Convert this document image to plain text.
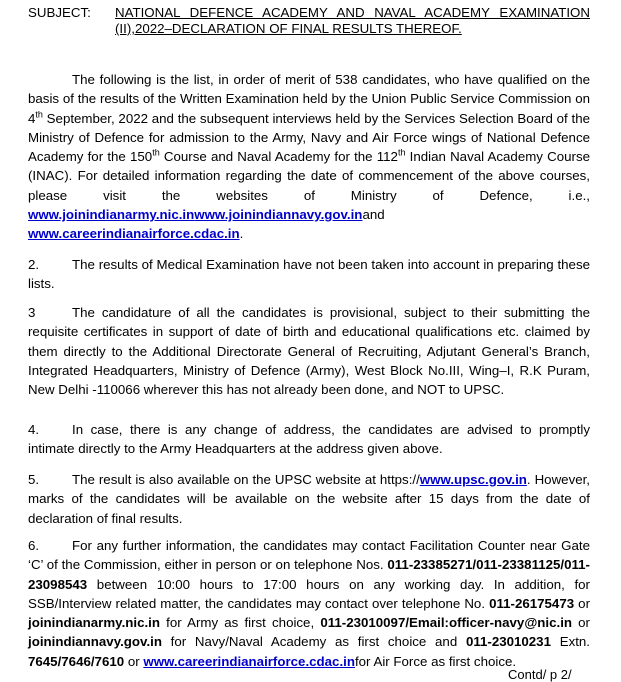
SUBJECT: NATIONAL DEFENCE ACADEMY AND NAVAL ACADEMY EXAMINATION (II),2022–DECLARATION OF FINAL RESULTS THEREOF.
The following is the list, in order of merit of 538 candidates, who have qualified on the basis of the results of the Written Examination held by the Union Public Service Commission on 4th September, 2022 and the subsequent interviews held by the Services Selection Board of the Ministry of Defence for admission to the Army, Navy and Air Force wings of National Defence Academy for the 150th Course and Naval Academy for the 112th Indian Naval Academy Course (INAC). For detailed information regarding the date of commencement of the above courses, please visit the websites of Ministry of Defence, i.e., www.joinindianarmy.nic.inwww.joinindiannavy.gov.inand www.careerindianairforce.cdac.in.
2. The results of Medical Examination have not been taken into account in preparing these lists.
3	The candidature of all the candidates is provisional, subject to their submitting the requisite certificates in support of date of birth and educational qualifications etc. claimed by them directly to the Additional Directorate General of Recruiting, Adjutant General’s Branch, Integrated Headquarters, Ministry of Defence (Army), West Block No.III, Wing–I, R.K Puram, New Delhi -110066 wherever this has not already been done, and NOT to UPSC.
4. In case, there is any change of address, the candidates are advised to promptly intimate directly to the Army Headquarters at the address given above.
5. The result is also available on the UPSC website at https://www.upsc.gov.in. However, marks of the candidates will be available on the website after 15 days from the date of declaration of final results.
6. For any further information, the candidates may contact Facilitation Counter near Gate ‘C’ of the Commission, either in person or on telephone Nos. 011-23385271/011-23381125/011-23098543 between 10:00 hours to 17:00 hours on any working day. In addition, for SSB/Interview related matter, the candidates may contact over telephone No. 011-26175473 or joinindianarmy.nic.in for Army as first choice, 011-23010097/Email:officer-navy@nic.in or joinindiannavy.gov.in for Navy/Naval Academy as first choice and 011-23010231 Extn. 7645/7646/7610 or www.careerindianairforce.cdac.infor Air Force as first choice.
Contd/ p 2/
